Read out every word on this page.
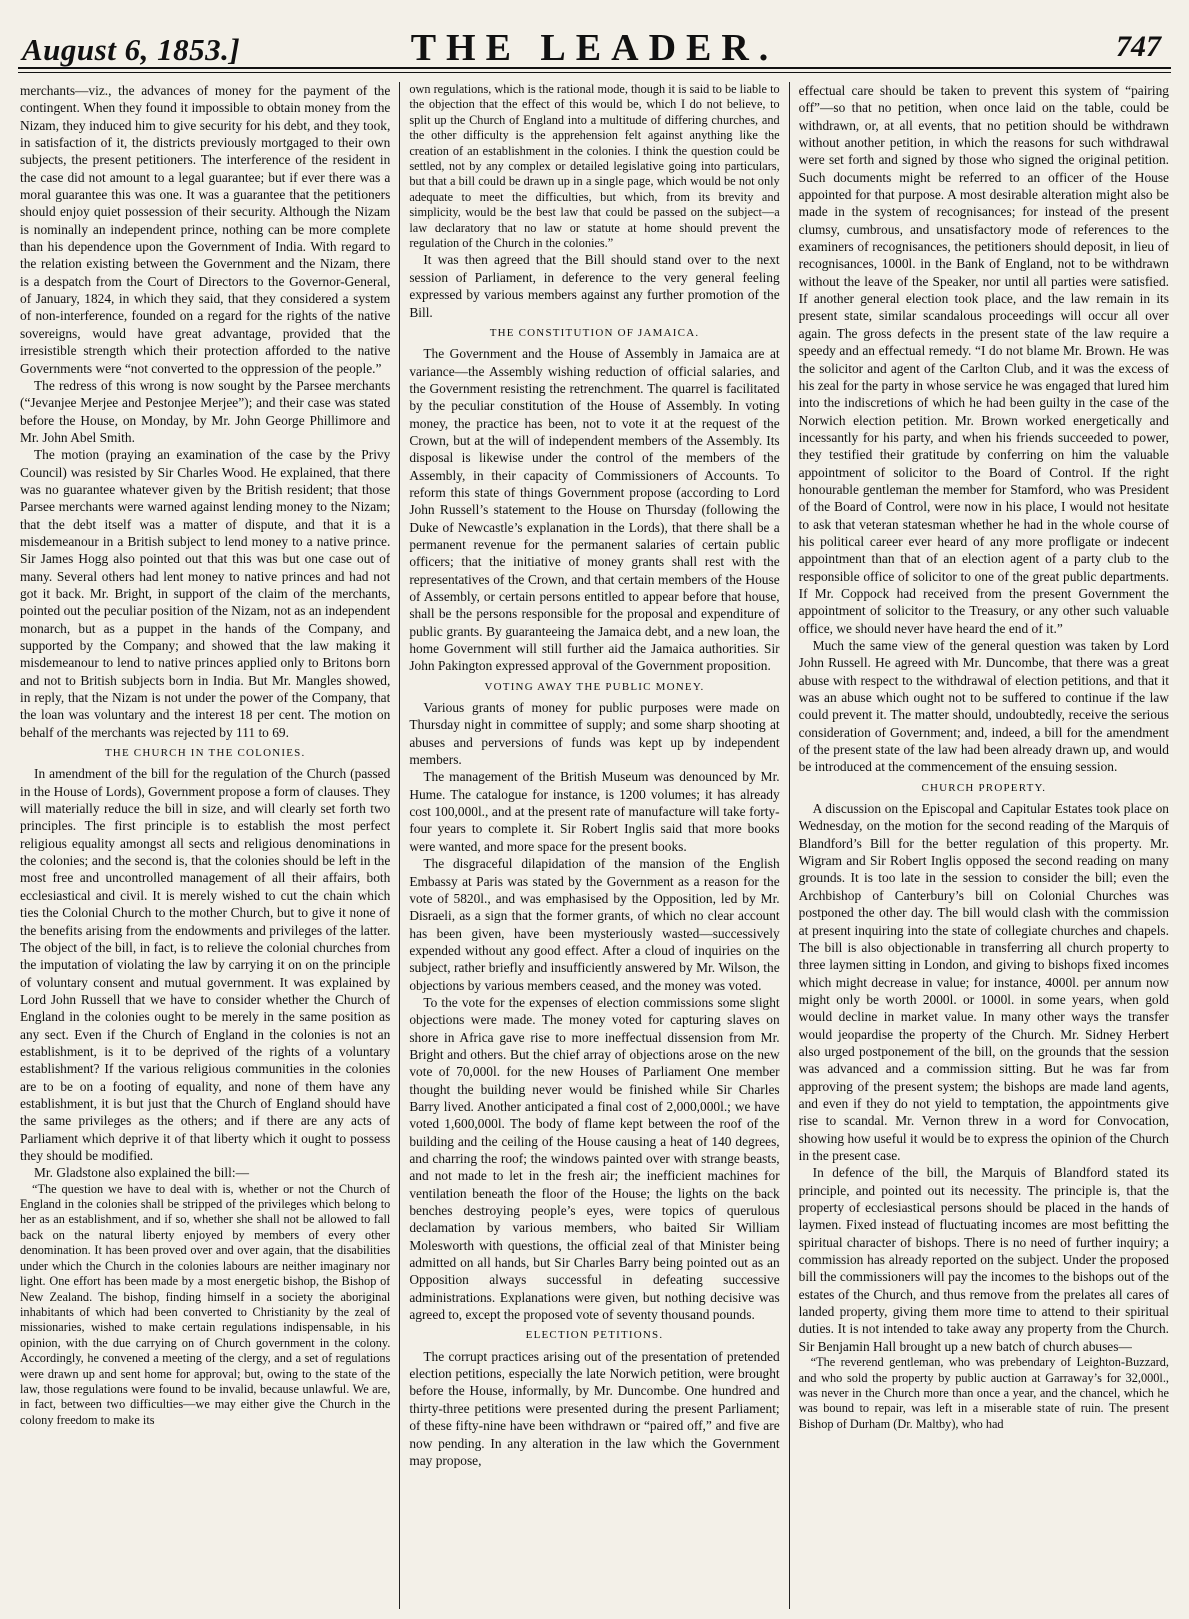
August 6, 1853.]	THE LEADER.	747

merchants—viz., the advances of money for the payment of the contingent. When they found it impossible to obtain money from the Nizam, they induced him to give security for his debt, and they took, in satisfaction of it, the districts previously mortgaged to their own subjects, the present petitioners. The interference of the resident in the case did not amount to a legal guarantee; but if ever there was a moral guarantee this was one. It was a guarantee that the petitioners should enjoy quiet possession of their security. Although the Nizam is nominally an independent prince, nothing can be more complete than his dependence upon the Government of India. With regard to the relation existing between the Government and the Nizam, there is a despatch from the Court of Directors to the Governor-General, of January, 1824, in which they said, that they considered a system of non-interference, founded on a regard for the rights of the native sovereigns, would have great advantage, provided that the irresistible strength which their protection afforded to the native Governments were “not converted to the oppression of the people.”

The redress of this wrong is now sought by the Parsee merchants (“Jevanjee Merjee and Pestonjee Merjee”); and their case was stated before the House, on Monday, by Mr. John George Phillimore and Mr. John Abel Smith.

The motion (praying an examination of the case by the Privy Council) was resisted by Sir Charles Wood. He explained, that there was no guarantee whatever given by the British resident; that those Parsee merchants were warned against lending money to the Nizam; that the debt itself was a matter of dispute, and that it is a misdemeanour in a British subject to lend money to a native prince. Sir James Hogg also pointed out that this was but one case out of many. Several others had lent money to native princes and had not got it back. Mr. Bright, in support of the claim of the merchants, pointed out the peculiar position of the Nizam, not as an independent monarch, but as a puppet in the hands of the Company, and supported by the Company; and showed that the law making it misdemeanour to lend to native princes applied only to Britons born and not to British subjects born in India. But Mr. Mangles showed, in reply, that the Nizam is not under the power of the Company, that the loan was voluntary and the interest 18 per cent. The motion on behalf of the merchants was rejected by 111 to 69.

THE CHURCH IN THE COLONIES.

In amendment of the bill for the regulation of the Church (passed in the House of Lords), Government propose a form of clauses. They will materially reduce the bill in size, and will clearly set forth two principles. The first principle is to establish the most perfect religious equality amongst all sects and religious denominations in the colonies; and the second is, that the colonies should be left in the most free and uncontrolled management of all their affairs, both ecclesiastical and civil. It is merely wished to cut the chain which ties the Colonial Church to the mother Church, but to give it none of the benefits arising from the endowments and privileges of the latter. The object of the bill, in fact, is to relieve the colonial churches from the imputation of violating the law by carrying it on on the principle of voluntary consent and mutual government. It was explained by Lord John Russell that we have to consider whether the Church of England in the colonies ought to be merely in the same position as any sect. Even if the Church of England in the colonies is not an establishment, is it to be deprived of the rights of a voluntary establishment? If the various religious communities in the colonies are to be on a footing of equality, and none of them have any establishment, it is but just that the Church of England should have the same privileges as the others; and if there are any acts of Parliament which deprive it of that liberty which it ought to possess they should be modified.

Mr. Gladstone also explained the bill:—

“The question we have to deal with is, whether or not the Church of England in the colonies shall be stripped of the privileges which belong to her as an establishment, and if so, whether she shall not be allowed to fall back on the natural liberty enjoyed by members of every other denomination. It has been proved over and over again, that the disabilities under which the Church in the colonies labours are neither imaginary nor light. One effort has been made by a most energetic bishop, the Bishop of New Zealand. The bishop, finding himself in a society the aboriginal inhabitants of which had been converted to Christianity by the zeal of missionaries, wished to make certain regulations indispensable, in his opinion, with the due carrying on of Church government in the colony. Accordingly, he convened a meeting of the clergy, and a set of regulations were drawn up and sent home for approval; but, owing to the state of the law, those regulations were found to be invalid, because unlawful. We are, in fact, between two difficulties—we may either give the Church in the colony freedom to make its

own regulations, which is the rational mode, though it is said to be liable to the objection that the effect of this would be, which I do not believe, to split up the Church of England into a multitude of differing churches, and the other difficulty is the apprehension felt against anything like the creation of an establishment in the colonies. I think the question could be settled, not by any complex or detailed legislative going into particulars, but that a bill could be drawn up in a single page, which would be not only adequate to meet the difficulties, but which, from its brevity and simplicity, would be the best law that could be passed on the subject—a law declaratory that no law or statute at home should prevent the regulation of the Church in the colonies.”

It was then agreed that the Bill should stand over to the next session of Parliament, in deference to the very general feeling expressed by various members against any further promotion of the Bill.

THE CONSTITUTION OF JAMAICA.

The Government and the House of Assembly in Jamaica are at variance—the Assembly wishing reduction of official salaries, and the Government resisting the retrenchment. The quarrel is facilitated by the peculiar constitution of the House of Assembly. In voting money, the practice has been, not to vote it at the request of the Crown, but at the will of independent members of the Assembly. Its disposal is likewise under the control of the members of the Assembly, in their capacity of Commissioners of Accounts. To reform this state of things Government propose (according to Lord John Russell’s statement to the House on Thursday (following the Duke of Newcastle’s explanation in the Lords), that there shall be a permanent revenue for the permanent salaries of certain public officers; that the initiative of money grants shall rest with the representatives of the Crown, and that certain members of the House of Assembly, or certain persons entitled to appear before that house, shall be the persons responsible for the proposal and expenditure of public grants. By guaranteeing the Jamaica debt, and a new loan, the home Government will still further aid the Jamaica authorities. Sir John Pakington expressed approval of the Government proposition.

VOTING AWAY THE PUBLIC MONEY.

Various grants of money for public purposes were made on Thursday night in committee of supply; and some sharp shooting at abuses and perversions of funds was kept up by independent members.

The management of the British Museum was denounced by Mr. Hume. The catalogue for instance, is 1200 volumes; it has already cost 100,000l., and at the present rate of manufacture will take forty-four years to complete it. Sir Robert Inglis said that more books were wanted, and more space for the present books.

The disgraceful dilapidation of the mansion of the English Embassy at Paris was stated by the Government as a reason for the vote of 5820l., and was emphasised by the Opposition, led by Mr. Disraeli, as a sign that the former grants, of which no clear account has been given, have been mysteriously wasted—successively expended without any good effect. After a cloud of inquiries on the subject, rather briefly and insufficiently answered by Mr. Wilson, the objections by various members ceased, and the money was voted.

To the vote for the expenses of election commissions some slight objections were made. The money voted for capturing slaves on shore in Africa gave rise to more ineffectual dissension from Mr. Bright and others. But the chief array of objections arose on the new vote of 70,000l. for the new Houses of Parliament One member thought the building never would be finished while Sir Charles Barry lived. Another anticipated a final cost of 2,000,000l.; we have voted 1,600,000l. The body of flame kept between the roof of the building and the ceiling of the House causing a heat of 140 degrees, and charring the roof; the windows painted over with strange beasts, and not made to let in the fresh air; the inefficient machines for ventilation beneath the floor of the House; the lights on the back benches destroying people’s eyes, were topics of querulous declamation by various members, who baited Sir William Molesworth with questions, the official zeal of that Minister being admitted on all hands, but Sir Charles Barry being pointed out as an Opposition always successful in defeating successive administrations. Explanations were given, but nothing decisive was agreed to, except the proposed vote of seventy thousand pounds.

ELECTION PETITIONS.

The corrupt practices arising out of the presentation of pretended election petitions, especially the late Norwich petition, were brought before the House, informally, by Mr. Duncombe. One hundred and thirty-three petitions were presented during the present Parliament; of these fifty-nine have been withdrawn or “paired off,” and five are now pending. In any alteration in the law which the Government may propose,

effectual care should be taken to prevent this system of “pairing off”—so that no petition, when once laid on the table, could be withdrawn, or, at all events, that no petition should be withdrawn without another petition, in which the reasons for such withdrawal were set forth and signed by those who signed the original petition. Such documents might be referred to an officer of the House appointed for that purpose. A most desirable alteration might also be made in the system of recognisances; for instead of the present clumsy, cumbrous, and unsatisfactory mode of references to the examiners of recognisances, the petitioners should deposit, in lieu of recognisances, 1000l. in the Bank of England, not to be withdrawn without the leave of the Speaker, nor until all parties were satisfied. If another general election took place, and the law remain in its present state, similar scandalous proceedings will occur all over again. The gross defects in the present state of the law require a speedy and an effectual remedy. “I do not blame Mr. Brown. He was the solicitor and agent of the Carlton Club, and it was the excess of his zeal for the party in whose service he was engaged that lured him into the indiscretions of which he had been guilty in the case of the Norwich election petition. Mr. Brown worked energetically and incessantly for his party, and when his friends succeeded to power, they testified their gratitude by conferring on him the valuable appointment of solicitor to the Board of Control. If the right honourable gentleman the member for Stamford, who was President of the Board of Control, were now in his place, I would not hesitate to ask that veteran statesman whether he had in the whole course of his political career ever heard of any more profligate or indecent appointment than that of an election agent of a party club to the responsible office of solicitor to one of the great public departments. If Mr. Coppock had received from the present Government the appointment of solicitor to the Treasury, or any other such valuable office, we should never have heard the end of it.”

Much the same view of the general question was taken by Lord John Russell. He agreed with Mr. Duncombe, that there was a great abuse with respect to the withdrawal of election petitions, and that it was an abuse which ought not to be suffered to continue if the law could prevent it. The matter should, undoubtedly, receive the serious consideration of Government; and, indeed, a bill for the amendment of the present state of the law had been already drawn up, and would be introduced at the commencement of the ensuing session.

CHURCH PROPERTY.

A discussion on the Episcopal and Capitular Estates took place on Wednesday, on the motion for the second reading of the Marquis of Blandford’s Bill for the better regulation of this property. Mr. Wigram and Sir Robert Inglis opposed the second reading on many grounds. It is too late in the session to consider the bill; even the Archbishop of Canterbury’s bill on Colonial Churches was postponed the other day. The bill would clash with the commission at present inquiring into the state of collegiate churches and chapels. The bill is also objectionable in transferring all church property to three laymen sitting in London, and giving to bishops fixed incomes which might decrease in value; for instance, 4000l. per annum now might only be worth 2000l. or 1000l. in some years, when gold would decline in market value. In many other ways the transfer would jeopardise the property of the Church. Mr. Sidney Herbert also urged postponement of the bill, on the grounds that the session was advanced and a commission sitting. But he was far from approving of the present system; the bishops are made land agents, and even if they do not yield to temptation, the appointments give rise to scandal. Mr. Vernon threw in a word for Convocation, showing how useful it would be to express the opinion of the Church in the present case.

In defence of the bill, the Marquis of Blandford stated its principle, and pointed out its necessity. The principle is, that the property of ecclesiastical persons should be placed in the hands of laymen. Fixed instead of fluctuating incomes are most befitting the spiritual character of bishops. There is no need of further inquiry; a commission has already reported on the subject. Under the proposed bill the commissioners will pay the incomes to the bishops out of the estates of the Church, and thus remove from the prelates all cares of landed property, giving them more time to attend to their spiritual duties. It is not intended to take away any property from the Church. Sir Benjamin Hall brought up a new batch of church abuses—

“The reverend gentleman, who was prebendary of Leighton-Buzzard, and who sold the property by public auction at Garraway’s for 32,000l., was never in the Church more than once a year, and the chancel, which he was bound to repair, was left in a miserable state of ruin. The present Bishop of Durham (Dr. Maltby), who had
